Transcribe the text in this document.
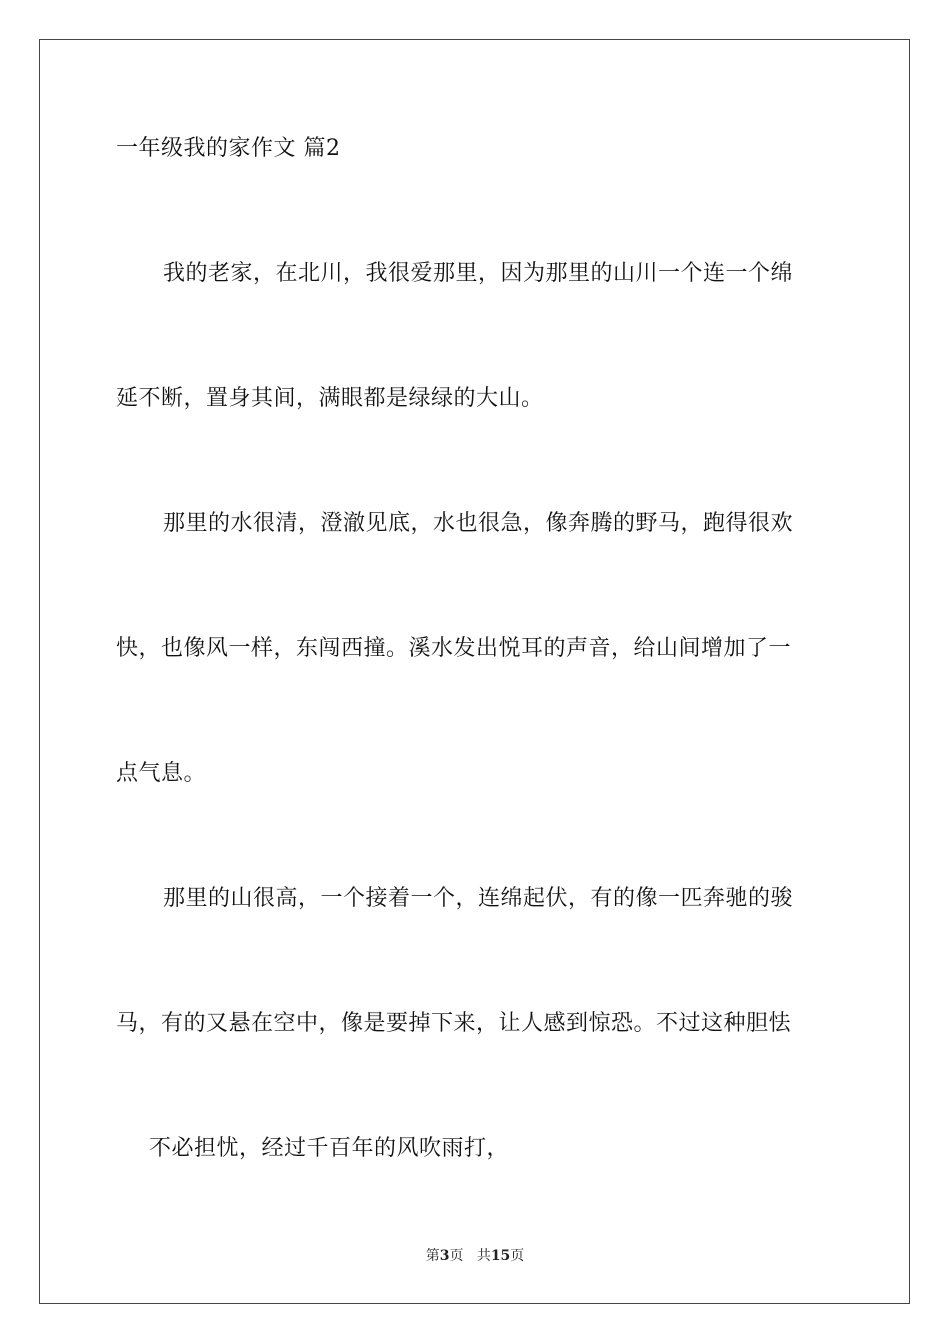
一年级我的家作文 篇2
我的老家，在北川，我很爱那里，因为那里的山川一个连一个绵
延不断，置身其间，满眼都是绿绿的大山。
那里的水很清，澄澈见底，水也很急，像奔腾的野马，跑得很欢
快，也像风一样，东闯西撞。溪水发出悦耳的声音，给山间增加了一
点气息。
那里的山很高，一个接着一个，连绵起伏，有的像一匹奔驰的骏
马，有的又悬在空中，像是要掉下来，让人感到惊恐。不过这种胆怯
不必担忧，经过千百年的风吹雨打，
第3页 共15页
